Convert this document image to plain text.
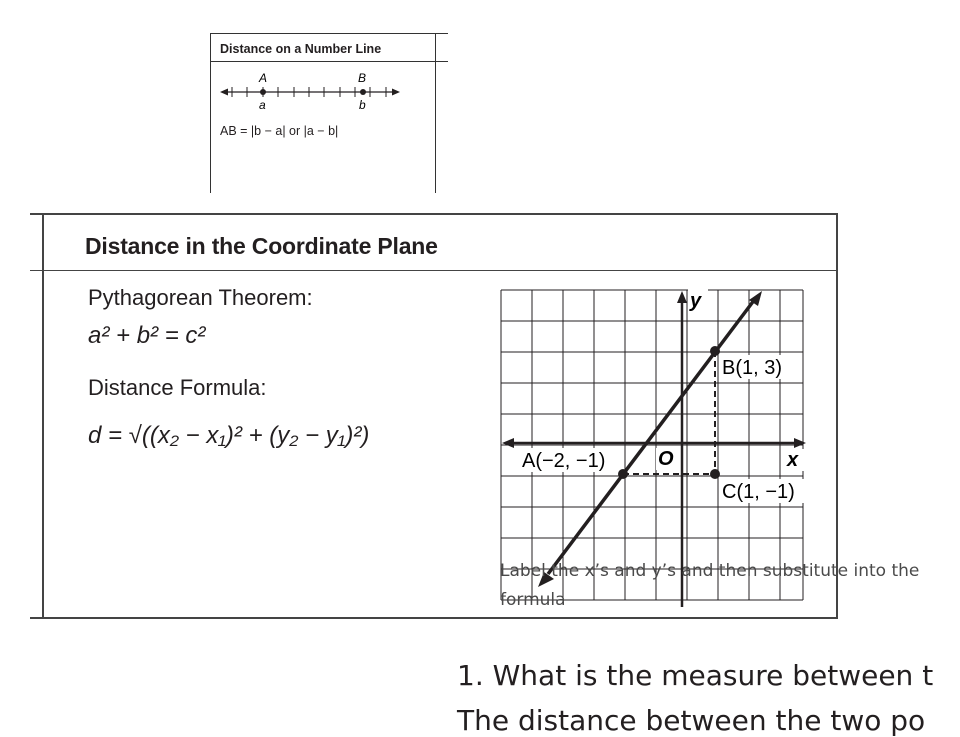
Distance on a Number Line
A	B
a	b
AB = |b − a| or |a − b|
Distance in the Coordinate Plane
Pythagorean Theorem:
a² + b² = c²
Distance Formula:
d = √((x₂ − x₁)² + (y₂ − y₁)²)
y
x
O
A(−2, −1)
B(1, 3)
C(1, −1)
Label the x’s and y’s and then substitute into the formula
1. What is the measure between t
The distance between the two po
